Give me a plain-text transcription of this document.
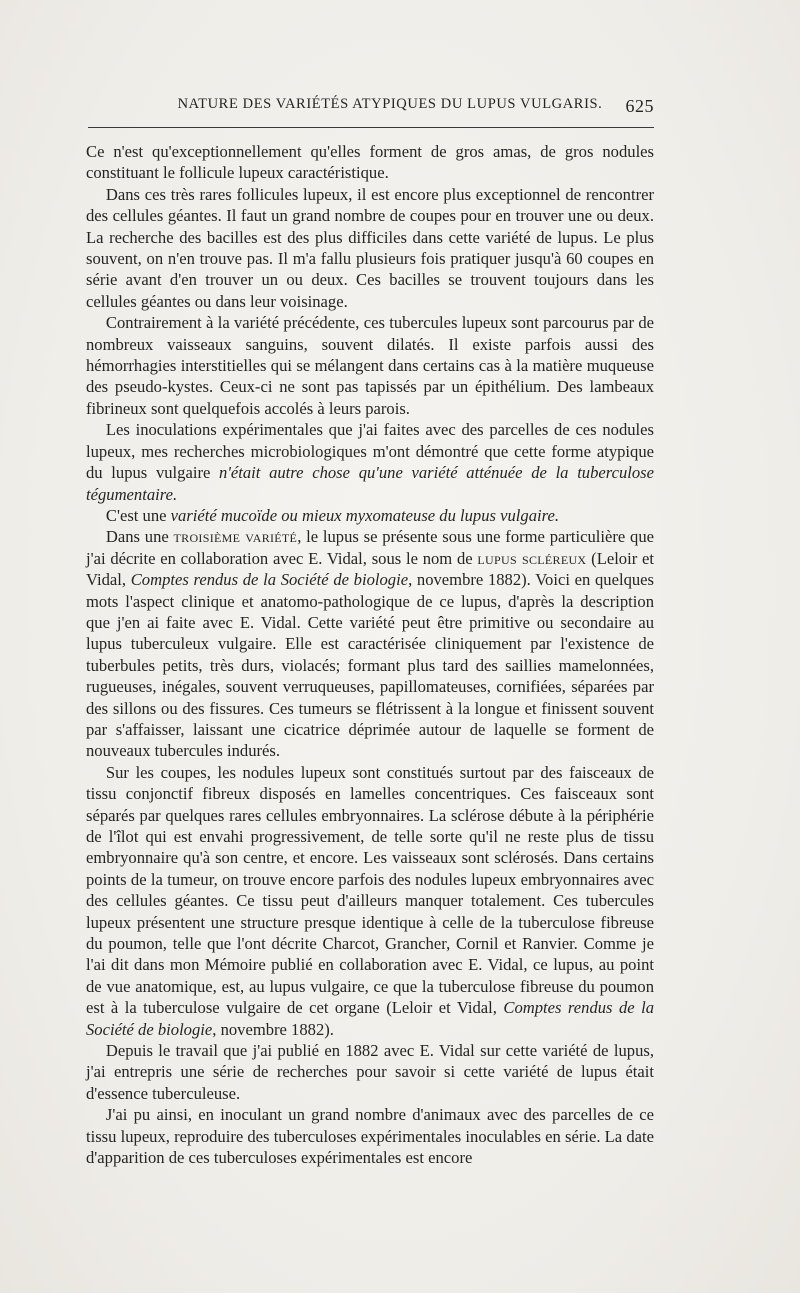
NATURE DES VARIÉTÉS ATYPIQUES DU LUPUS VULGARIS.	625

Ce n'est qu'exceptionnellement qu'elles forment de gros amas, de gros nodules constituant le follicule lupeux caractéristique.

Dans ces très rares follicules lupeux, il est encore plus exceptionnel de rencontrer des cellules géantes. Il faut un grand nombre de coupes pour en trouver une ou deux. La recherche des bacilles est des plus difficiles dans cette variété de lupus. Le plus souvent, on n'en trouve pas. Il m'a fallu plusieurs fois pratiquer jusqu'à 60 coupes en série avant d'en trouver un ou deux. Ces bacilles se trouvent toujours dans les cellules géantes ou dans leur voisinage.

Contrairement à la variété précédente, ces tubercules lupeux sont parcourus par de nombreux vaisseaux sanguins, souvent dilatés. Il existe parfois aussi des hémorrhagies interstitielles qui se mélangent dans certains cas à la matière muqueuse des pseudo-kystes. Ceux-ci ne sont pas tapissés par un épithélium. Des lambeaux fibrineux sont quelquefois accolés à leurs parois.

Les inoculations expérimentales que j'ai faites avec des parcelles de ces nodules lupeux, mes recherches microbiologiques m'ont démontré que cette forme atypique du lupus vulgaire n'était autre chose qu'une variété atténuée de la tuberculose tégumentaire.

C'est une variété mucoïde ou mieux myxomateuse du lupus vulgaire.

Dans une troisième variété, le lupus se présente sous une forme particulière que j'ai décrite en collaboration avec E. Vidal, sous le nom de lupus scléreux (Leloir et Vidal, Comptes rendus de la Société de biologie, novembre 1882). Voici en quelques mots l'aspect clinique et anatomo-pathologique de ce lupus, d'après la description que j'en ai faite avec E. Vidal. Cette variété peut être primitive ou secondaire au lupus tuberculeux vulgaire. Elle est caractérisée cliniquement par l'existence de tuberbules petits, très durs, violacés; formant plus tard des saillies mamelonnées, rugueuses, inégales, souvent verruqueuses, papillomateuses, cornifiées, séparées par des sillons ou des fissures. Ces tumeurs se flétrissent à la longue et finissent souvent par s'affaisser, laissant une cicatrice déprimée autour de laquelle se forment de nouveaux tubercules indurés.

Sur les coupes, les nodules lupeux sont constitués surtout par des faisceaux de tissu conjonctif fibreux disposés en lamelles concentriques. Ces faisceaux sont séparés par quelques rares cellules embryonnaires. La sclérose débute à la périphérie de l'îlot qui est envahi progressivement, de telle sorte qu'il ne reste plus de tissu embryonnaire qu'à son centre, et encore. Les vaisseaux sont sclérosés. Dans certains points de la tumeur, on trouve encore parfois des nodules lupeux embryonnaires avec des cellules géantes. Ce tissu peut d'ailleurs manquer totalement. Ces tubercules lupeux présentent une structure presque identique à celle de la tuberculose fibreuse du poumon, telle que l'ont décrite Charcot, Grancher, Cornil et Ranvier. Comme je l'ai dit dans mon Mémoire publié en collaboration avec E. Vidal, ce lupus, au point de vue anatomique, est, au lupus vulgaire, ce que la tuberculose fibreuse du poumon est à la tuberculose vulgaire de cet organe (Leloir et Vidal, Comptes rendus de la Société de biologie, novembre 1882).

Depuis le travail que j'ai publié en 1882 avec E. Vidal sur cette variété de lupus, j'ai entrepris une série de recherches pour savoir si cette variété de lupus était d'essence tuberculeuse.

J'ai pu ainsi, en inoculant un grand nombre d'animaux avec des parcelles de ce tissu lupeux, reproduire des tuberculoses expérimentales inoculables en série. La date d'apparition de ces tuberculoses expérimentales est encore
